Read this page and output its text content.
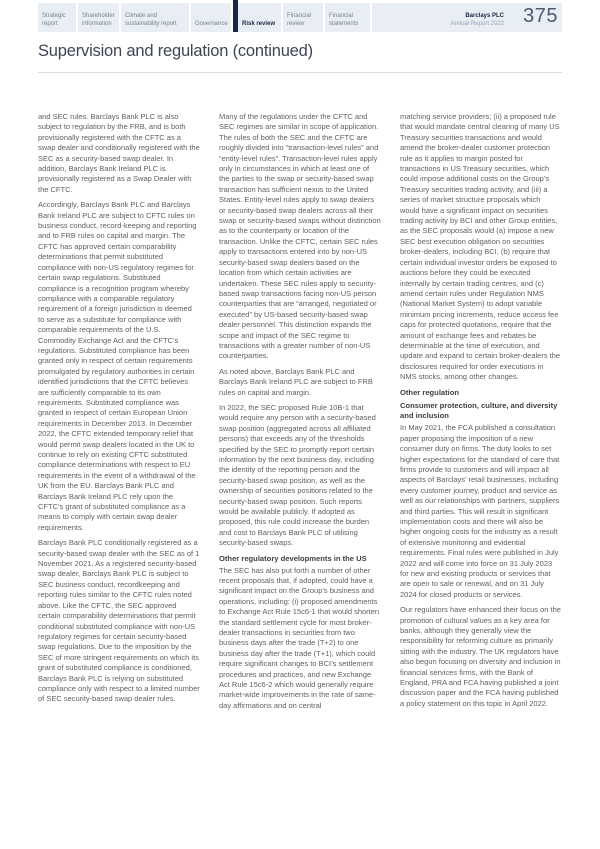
Strategic report
Shareholder information
Climate and sustainability report	Governance Risk review
Financial review
Financial statements
Barclays PLC
Annual Report 2022 375
Supervision and regulation (continued)

and SEC rules. Barclays Bank PLC is also subject to regulation by the FRB, and is both provisionally registered with the CFTC as a swap dealer and conditionally registered with the SEC as a security-based swap dealer. In addition, Barclays Bank Ireland PLC is provisionally registered as a Swap Dealer with the CFTC.

Accordingly, Barclays Bank PLC and Barclays Bank Ireland PLC are subject to CFTC rules on business conduct, record-keeping and reporting and to FRB rules on capital and margin. The CFTC has approved certain comparability determinations that permit substituted compliance with non-US regulatory regimes for certain swap regulations. Substituted compliance is a recognition program whereby compliance with a comparable regulatory requirement of a foreign jurisdiction is deemed to serve as a substitute for compliance with comparable requirements of the U.S. Commodity Exchange Act and the CFTC’s regulations. Substituted compliance has been granted only in respect of certain requirements promulgated by regulatory authorities in certain identified jurisdictions that the CFTC believes are sufficiently comparable to its own requirements. Substituted compliance was granted in respect of certain European Union requirements in December 2013. In December 2022, the CFTC extended temporary relief that would permit swap dealers located in the UK to continue to rely on existing CFTC substituted compliance determinations with respect to EU requirements in the event of a withdrawal of the UK from the EU. Barclays Bank PLC and Barclays Bank Ireland PLC rely upon the CFTC’s grant of substituted compliance as a means to comply with certain swap dealer requirements.

Barclays Bank PLC conditionally registered as a security-based swap dealer with the SEC as of 1 November 2021. As a registered security-based swap dealer, Barclays Bank PLC is subject to SEC business conduct, recordkeeping and reporting rules similar to the CFTC rules noted above. Like the CFTC, the SEC approved certain comparability determinations that permit conditional substituted compliance with non-US regulatory regimes for certain security-based swap regulations. Due to the imposition by the SEC of more stringent requirements on which its grant of substituted compliance is conditioned, Barclays Bank PLC is relying on substituted compliance only with respect to a limited number of SEC security-based swap dealer rules.

Many of the regulations under the CFTC and SEC regimes are similar in scope of application. The rules of both the SEC and the CFTC are roughly divided into “transaction-level rules” and “entity-level rules”. Transaction-level rules apply only in circumstances in which at least one of the parties to the swap or security-based swap transaction has sufficient nexus to the United States. Entity-level rules apply to swap dealers or security-based swap dealers across all their swap or security-based swaps without distinction as to the counterparty or location of the transaction. Unlike the CFTC, certain SEC rules apply to transactions entered into by non-US security-based swap dealers based on the location from which certain activities are undertaken. These SEC rules apply to security-based swap transactions facing non-US person counterparties that are “arranged, negotiated or executed” by US-based security-based swap dealer personnel. This distinction expands the scope and impact of the SEC regime to transactions with a greater number of non-US counterparties.

As noted above, Barclays Bank PLC and Barclays Bank Ireland PLC are subject to FRB rules on capital and margin.

In 2022, the SEC proposed Rule 10B-1 that would require any person with a security-based swap position (aggregated across all affiliated persons) that exceeds any of the thresholds specified by the SEC to promptly report certain information by the next business day, including the identity of the reporting person and the security-based swap position, as well as the ownership of securities positions related to the security-based swap position. Such reports would be available publicly. If adopted as proposed, this rule could increase the burden and cost to Barclays Bank PLC of utilising security-based swaps.

Other regulatory developments in the US

The SEC has also put forth a number of other recent proposals that, if adopted, could have a significant impact on the Group’s business and operations, including: (i) proposed amendments to Exchange Act Rule 15c6-1 that would shorten the standard settlement cycle for most broker-dealer transactions in securities from two business days after the trade (T+2) to one business day after the trade (T+1), which could require significant changes to BCI’s settlement procedures and practices, and new Exchange Act Rule 15c6-2 which would generally require market-wide improvements in the rate of same-day affirmations and on central

matching service providers; (ii) a proposed rule that would mandate central clearing of many US Treasury securities transactions and would amend the broker-dealer customer protection rule as it applies to margin posted for transactions in US Treasury securities, which could impose additional costs on the Group’s Treasury securities trading activity, and (iii) a series of market structure proposals which would have a significant impact on securities trading activity by BCI and other Group entities, as the SEC proposals would (a) impose a new SEC best execution obligation on securities broker-dealers, including BCI, (b) require that certain individual investor orders be exposed to auctions before they could be executed internally by certain trading centres, and (c) amend certain rules under Regulation NMS (National Market System) to adopt variable minimum pricing increments, reduce access fee caps for protected quotations, require that the amount of exchange fees and rebates be determinable at the time of execution, and update and expand to certain broker-dealers the disclosures required for order executions in NMS stocks, among other changes.

Other regulation
Consumer protection, culture, and diversity and inclusion

In May 2021, the FCA published a consultation paper proposing the imposition of a new consumer duty on firms. The duty looks to set higher expectations for the standard of care that firms provide to customers and will impact all aspects of Barclays’ retail businesses, including every customer journey, product and service as well as our relationships with partners, suppliers and third parties. This will result in significant implementation costs and there will also be higher ongoing costs for the industry as a result of extensive monitoring and evidential requirements. Final rules were published in July 2022 and will come into force on 31 July 2023 for new and existing products or services that are open to sale or renewal, and on 31 July 2024 for closed products or services.

Our regulators have enhanced their focus on the promotion of cultural values as a key area for banks, although they generally view the responsibility for reforming culture as primarily sitting with the industry. The UK regulators have also begun focusing on diversity and inclusion in financial services firms, with the Bank of England, PRA and FCA having published a joint discussion paper and the FCA having published a policy statement on this topic in April 2022.
